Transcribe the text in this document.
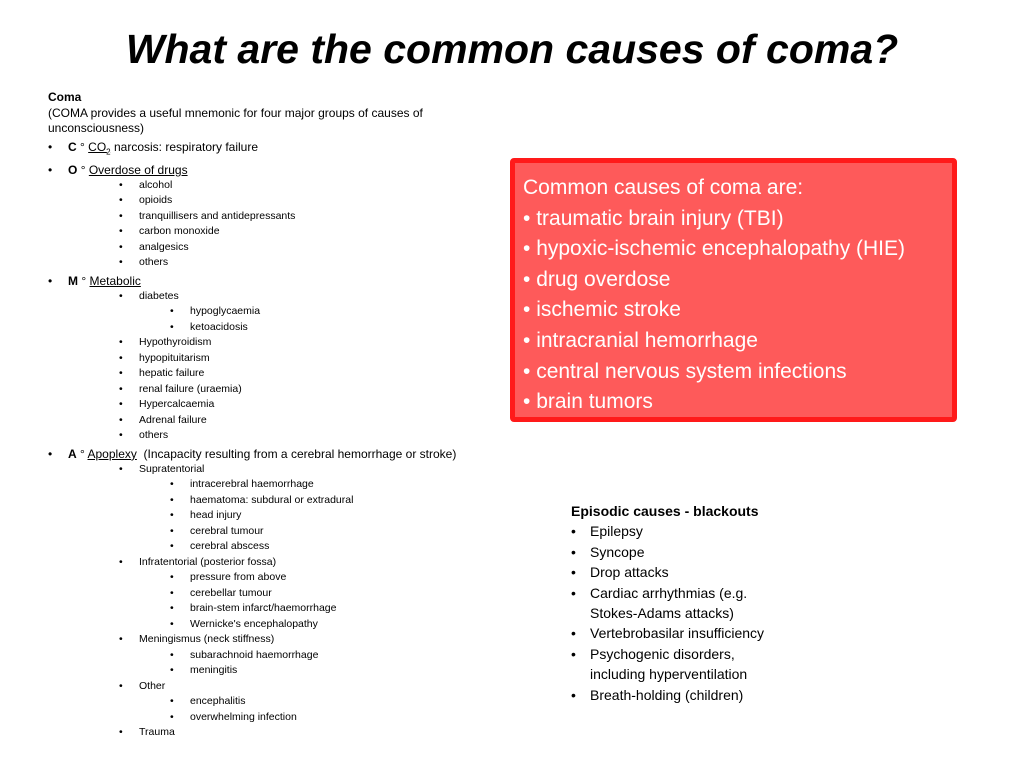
What are the common causes of coma?

Coma

(COMA provides a useful mnemonic for four major groups of causes of unconsciousness)

• C ° $CO_2$ narcosis: respiratory failure
• O ° Overdose of drugs
• alcohol
• opioids
• tranquillisers and antidepressants
• carbon monoxide
• analgesics
• others
• M ° Metabolic
• diabetes
• hypoglycaemia
• ketoacidosis
• Hypothyroidism
• hypopituitarism
• hepatic failure
• renal failure (uraemia)
• Hypercalcaemia
• Adrenal failure
• others
• A ° Apoplexy (Incapacity resulting from a cerebral hemorrhage or stroke)
• Supratentorial
• intracerebral haemorrhage
• haematoma: subdural or extradural
• head injury
• cerebral tumour
• cerebral abscess
• Infratentorial (posterior fossa)
• pressure from above
• cerebellar tumour
• brain-stem infarct/haemorrhage
• Wernicke's encephalopathy
• Meningismus (neck stiffness)
• subarachnoid haemorrhage
• meningitis
• Other
• encephalitis
• overwhelming infection
• Trauma
Common causes of coma are:
• traumatic brain injury (TBI)
• hypoxic-ischemic encephalopathy (HIE)
• drug overdose
• ischemic stroke
• intracranial hemorrhage
• central nervous system infections
• brain tumors
Episodic causes - blackouts
• Epilepsy
• Syncope
• Drop attacks
• Cardiac arrhythmias (e.g. Stokes-Adams attacks)
• Vertebrobasilar insufficiency
• Psychogenic disorders, including hyperventilation
• Breath-holding (children)
